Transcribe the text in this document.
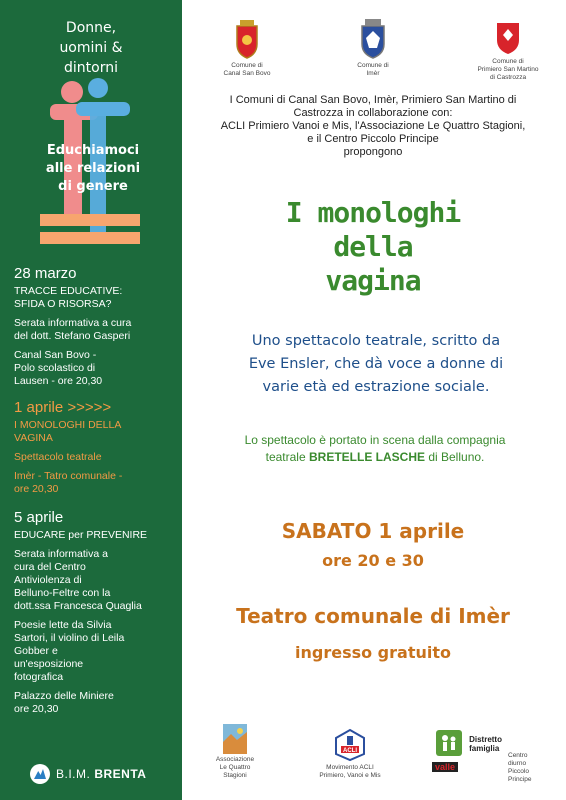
Donne,
uomini &
dintorni
Educhiamoci
alle relazioni
di genere
28 marzo
TRACCE EDUCATIVE:
SFIDA O RISORSA?
Serata informativa a cura
del dott. Stefano Gasperi
Canal San Bovo -
Polo scolastico di
Lausen - ore 20,30
1 aprile >>>>>
I MONOLOGHI DELLA
VAGINA
Spettacolo teatrale
Imèr - Tatro comunale -
ore 20,30
5 aprile
EDUCARE per PREVENIRE
Serata informativa a
cura del Centro
Antiviolenza di
Belluno-Feltre con la
dott.ssa Francesca Quaglia
Poesie lette da Silvia
Sartori, il violino di Leila
Gobber e
un'esposizione
fotografica
Palazzo delle Miniere
ore 20,30
B.I.M. BRENTA
Comune di
Canal San Bovo
Comune di
Imèr
Comune di
Primiero San Martino
di Castrozza
I Comuni di Canal San Bovo, Imèr, Primiero San Martino di
Castrozza in collaborazione con:
ACLI Primiero Vanoi e Mis, l'Associazione Le Quattro Stagioni,
e il Centro Piccolo Principe
propongono
I monologhi
della
vagina
Uno spettacolo teatrale, scritto da
Eve Ensler, che dà voce a donne di
varie età ed estrazione sociale.
Lo spettacolo è portato in scena dalla compagnia
teatrale BRETELLE LASCHE di Belluno.
SABATO 1 aprile
ore 20 e 30
Teatro comunale di Imèr
ingresso gratuito
Associazione
Le Quattro
Stagioni
ACLI
Movimento ACLI
Primiero, Vanoi e Mis
Distretto
famiglia
valle
Centro
diurno
Piccolo
Principe
